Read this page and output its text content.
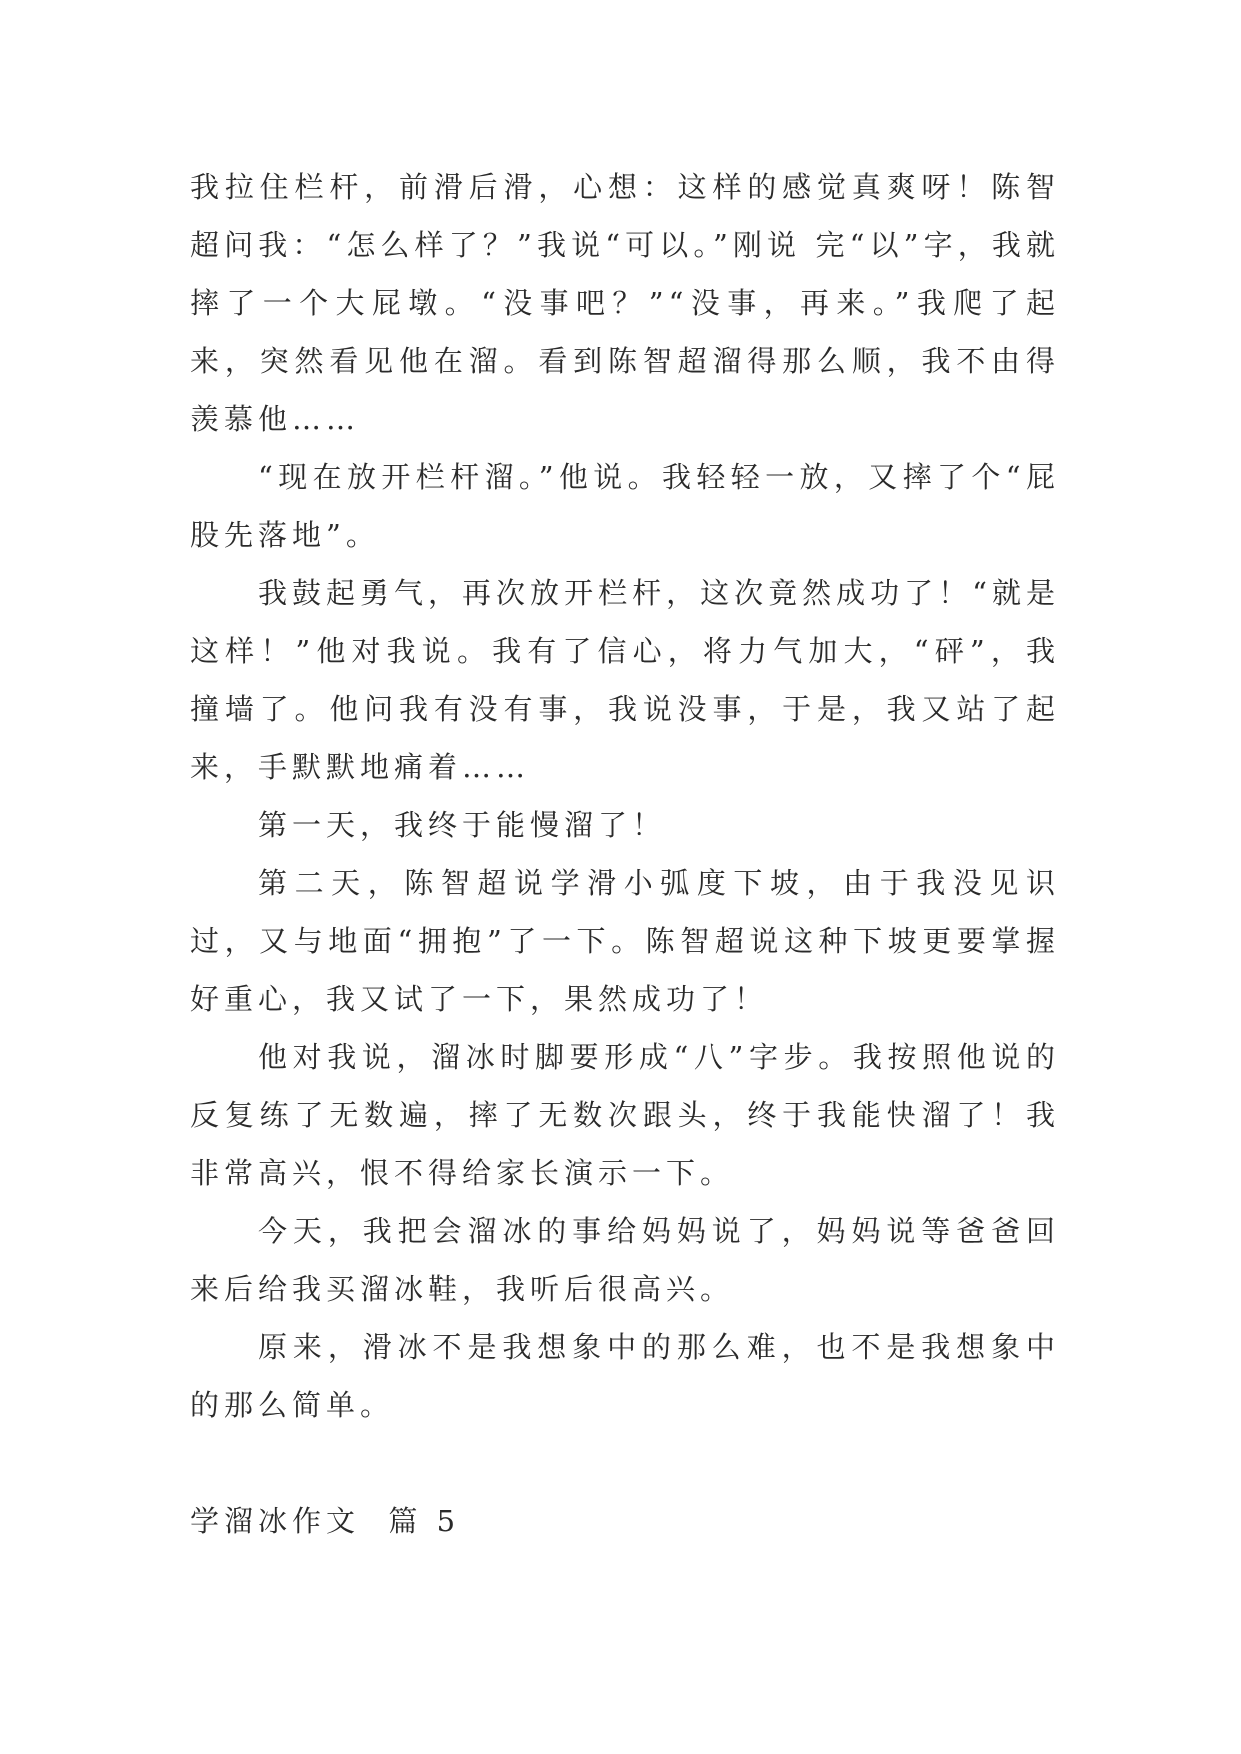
我拉住栏杆，前滑后滑，心想：这样的感觉真爽呀！陈智超问我：“怎么样了？”我说“可以。”刚说 完“以”字，我就摔了一个大屁墩。“没事吧？”“没事，再来。”我爬了起来，突然看见他在溜。看到陈智超溜得那么顺，我不由得羡慕他……

“现在放开栏杆溜。”他说。我轻轻一放，又摔了个“屁股先落地”。

我鼓起勇气，再次放开栏杆，这次竟然成功了！“就是这样！”他对我说。我有了信心，将力气加大，“砰”，我撞墙了。他问我有没有事，我说没事，于是，我又站了起来，手默默地痛着……

第一天，我终于能慢溜了！

第二天，陈智超说学滑小弧度下坡，由于我没见识过，又与地面“拥抱”了一下。陈智超说这种下坡更要掌握好重心，我又试了一下，果然成功了！

他对我说，溜冰时脚要形成“八”字步。我按照他说的反复练了无数遍，摔了无数次跟头，终于我能快溜了！我非常高兴，恨不得给家长演示一下。

今天，我把会溜冰的事给妈妈说了，妈妈说等爸爸回来后给我买溜冰鞋，我听后很高兴。

原来，滑冰不是我想象中的那么难，也不是我想象中的那么简单。

学溜冰作文  篇 5
